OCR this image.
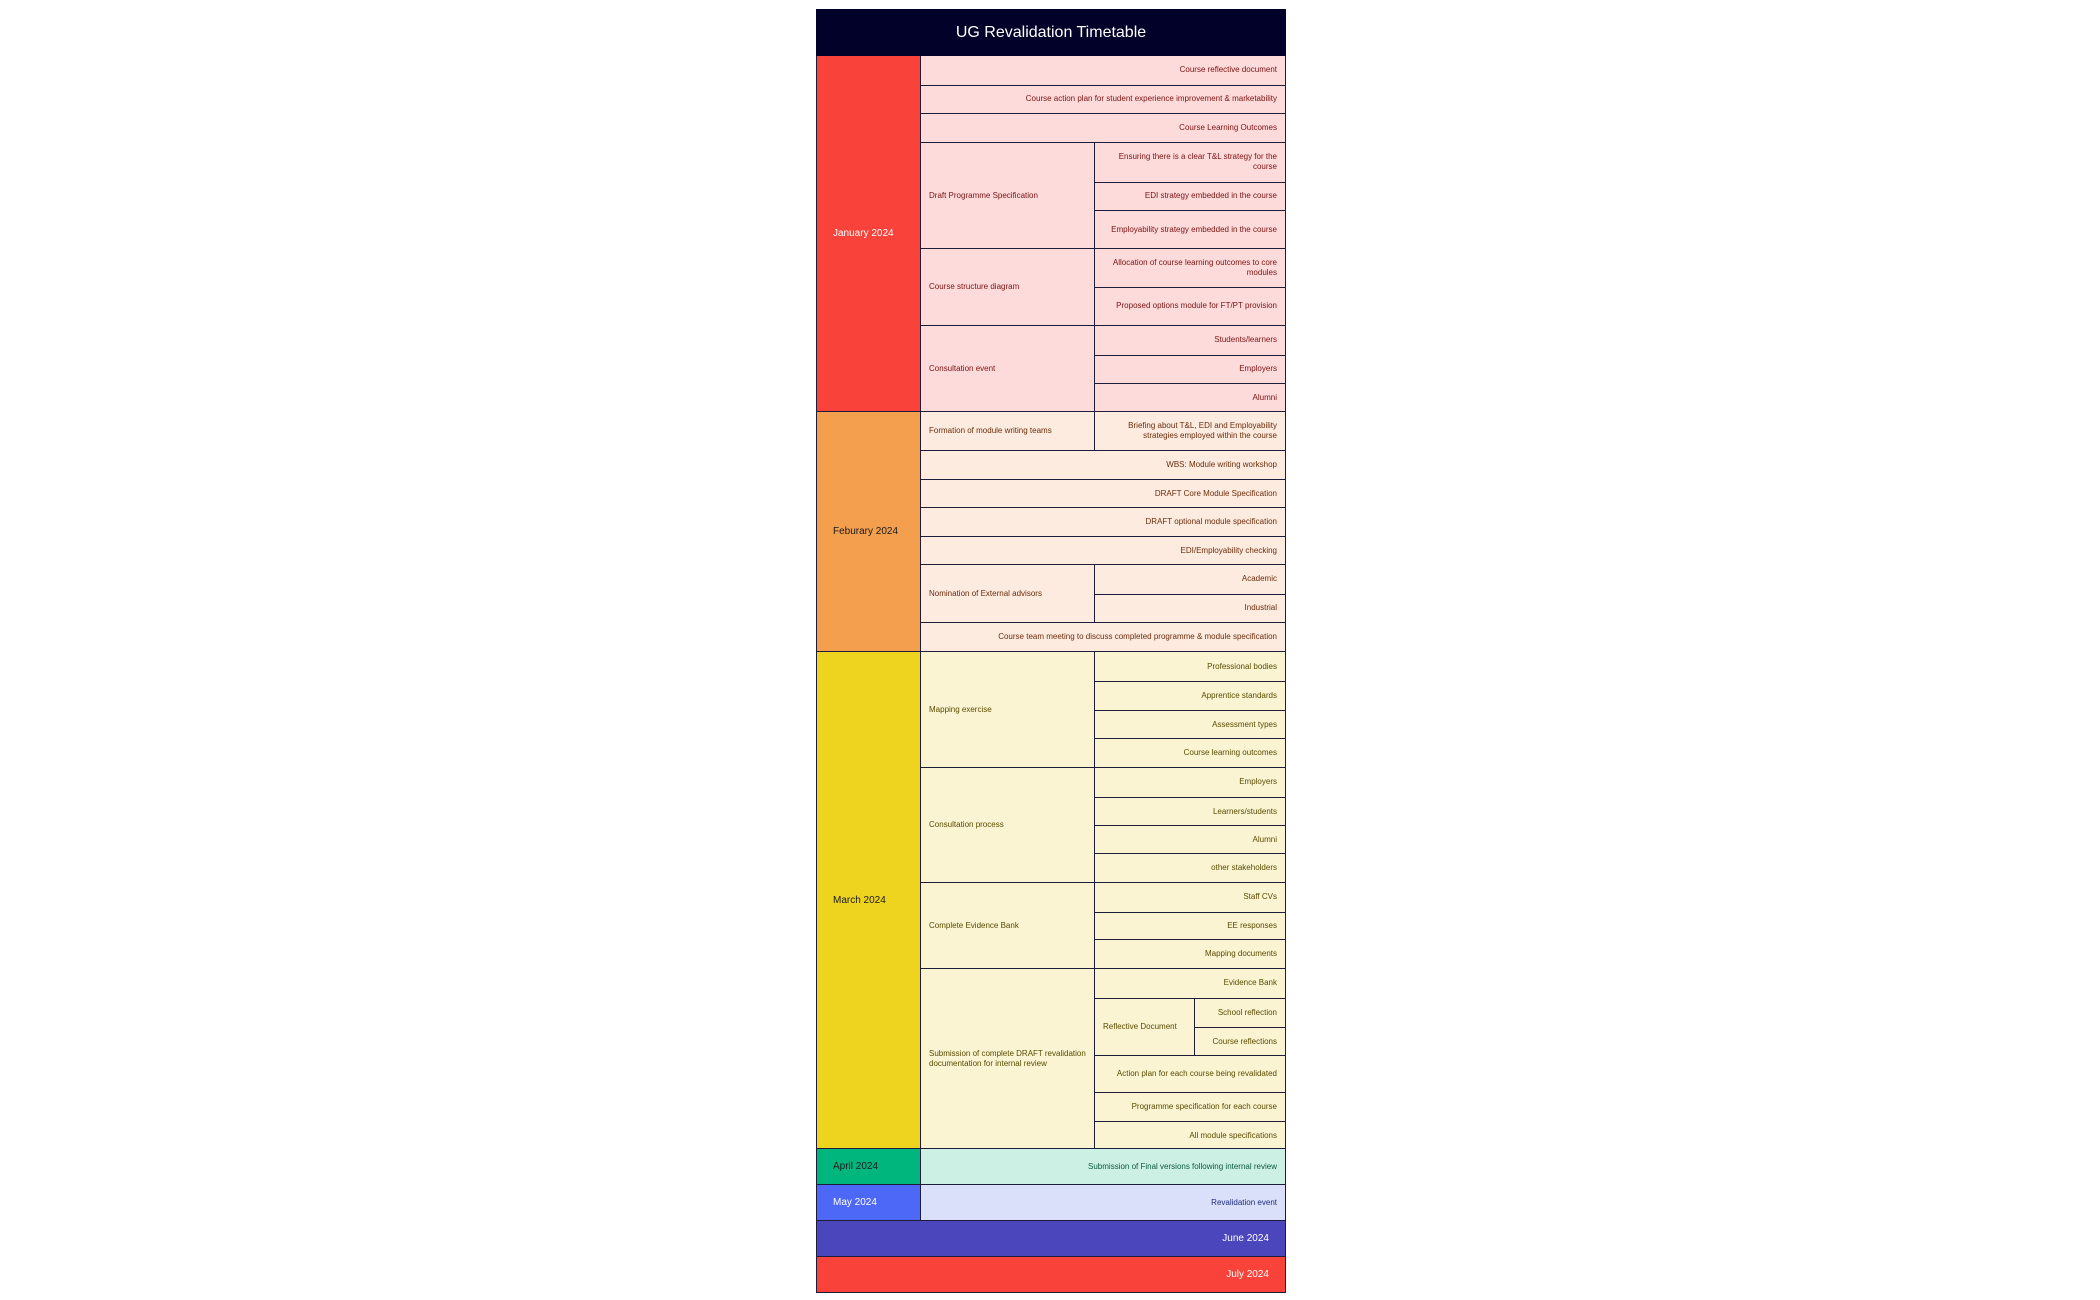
UG Revalidation Timetable
January 2024
Course reflective document
Course action plan for student experience improvement & marketability
Course Learning Outcomes
Draft Programme Specification
Ensuring there is a clear T&L strategy for the course
EDI strategy embedded in the course
Employability strategy embedded in the course
Course structure diagram
Allocation of course learning outcomes to core modules
Proposed options module for FT/PT provision
Consultation event
Students/learners
Employers
Alumni
Feburary 2024
Formation of module writing teams
Briefing about T&L, EDI and Employability strategies employed within the course
WBS: Module writing workshop
DRAFT Core Module Specification
DRAFT optional module specification
EDI/Employability checking
Nomination of External advisors
Academic
Industrial
Course team meeting to discuss completed programme & module specification
March 2024
Mapping exercise
Professional bodies
Apprentice standards
Assessment types
Course learning outcomes
Consultation process
Employers
Learners/students
Alumni
other stakeholders
Complete Evidence Bank
Staff CVs
EE responses
Mapping documents
Submission of complete DRAFT revalidation documentation for internal review
Evidence Bank
Reflective Document
School reflection
Course reflections
Action plan for each course being revalidated
Programme specification for each course
All module specifications
April 2024	Submission of Final versions following internal review
May 2024	Revalidation event
June 2024
July 2024
